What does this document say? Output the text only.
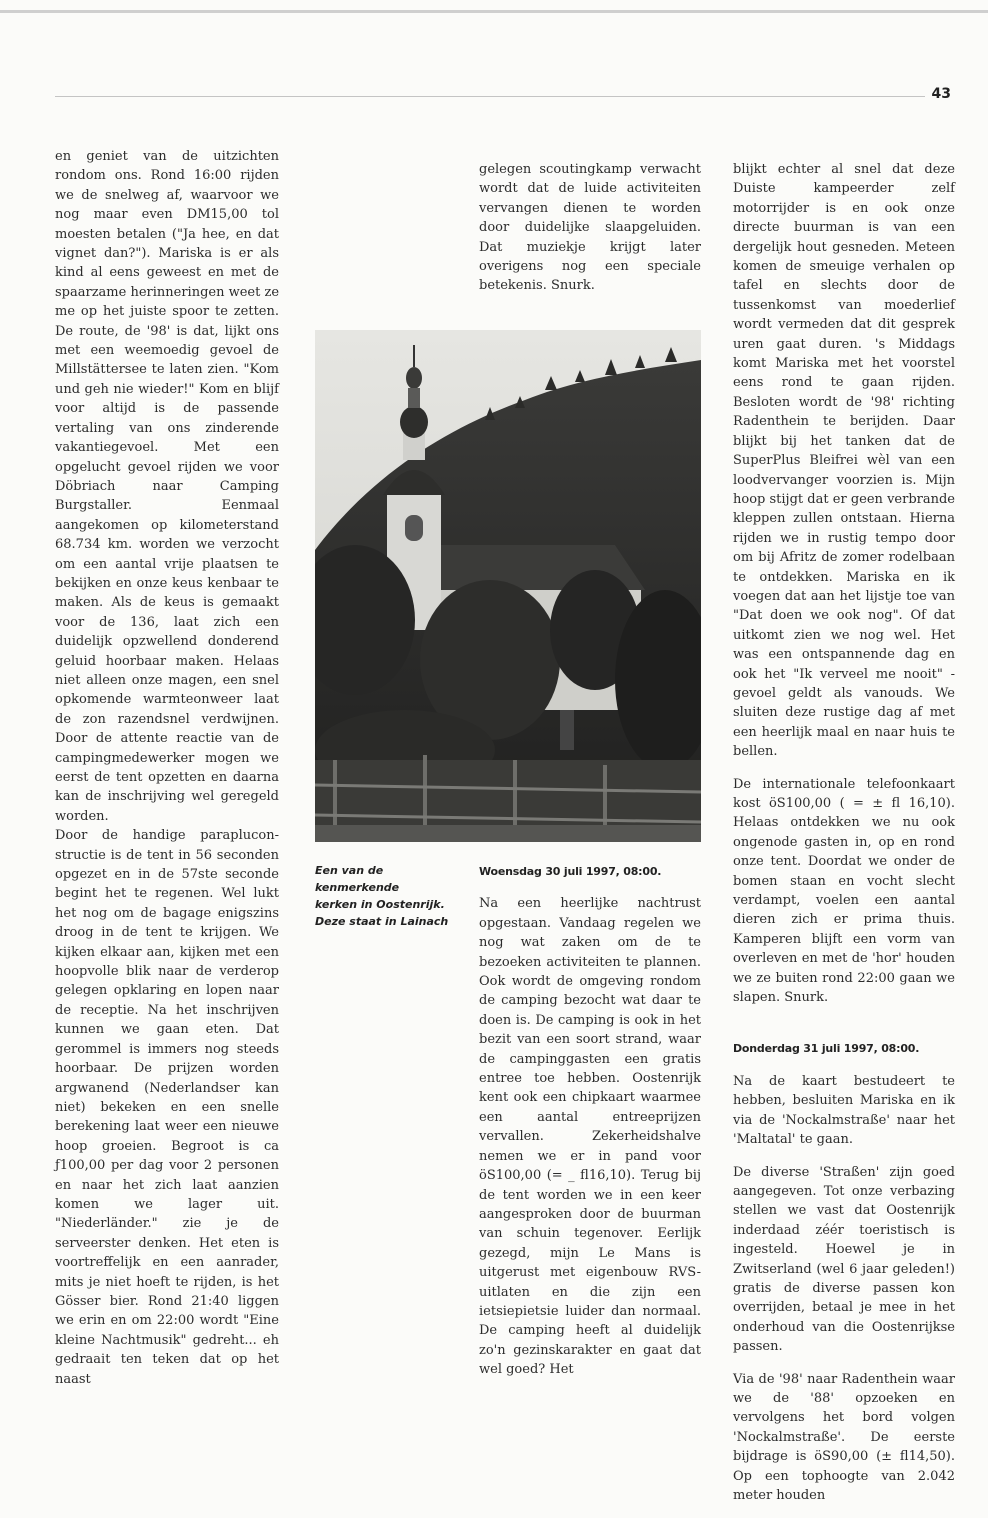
43

en geniet van de uitzichten rondom ons. Rond 16:00 rijden we de snelweg af, waarvoor we nog maar even DM15,00 tol moesten betalen ("Ja hee, en dat vignet dan?"). Mariska is er als kind al eens geweest en met de spaarzame herinneringen weet ze me op het juiste spoor te zetten. De route, de '98' is dat, lijkt ons met een weemoedig gevoel de Millstättersee te laten zien. "Kom und geh nie wieder!" Kom en blijf voor altijd is de passende vertaling van ons zinderende vakantiegevoel. Met een opgelucht gevoel rijden we voor Döbriach naar Camping Burgstaller. Eenmaal aangekomen op kilometerstand 68.734 km. worden we verzocht om een aantal vrije plaatsen te bekijken en onze keus kenbaar te maken. Als de keus is gemaakt voor de 136, laat zich een duidelijk opzwellend donderend geluid hoorbaar maken. Helaas niet alleen onze magen, een snel opkomende warmteonweer laat de zon razendsnel verdwijnen. Door de attente reactie van de campingmedewerker mogen we eerst de tent opzetten en daarna kan de inschrijving wel geregeld worden.

Door de handige parapluconstructie is de tent in 56 seconden opgezet en in de 57ste seconde begint het te regenen. Wel lukt het nog om de bagage enigszins droog in de tent te krijgen. We kijken elkaar aan, kijken met een hoopvolle blik naar de verderop gelegen opklaring en lopen naar de receptie. Na het inschrijven kunnen we gaan eten. Dat gerommel is immers nog steeds hoorbaar. De prijzen worden argwanend (Nederlandser kan niet) bekeken en een snelle berekening laat weer een nieuwe hoop groeien. Begroot is ca ƒ100,00 per dag voor 2 personen en naar het zich laat aanzien komen we lager uit. "Niederländer." zie je de serveerster denken. Het eten is voortreffelijk en een aanrader, mits je niet hoeft te rijden, is het Gösser bier. Rond 21:40 liggen we erin en om 22:00 wordt "Eine kleine Nachtmusik" gedreht... eh gedraait ten teken dat op het naast

gelegen scoutingkamp verwacht wordt dat de luide activiteiten vervangen dienen te worden door duidelijke slaapgeluiden. Dat muziekje krijgt later overigens nog een speciale betekenis. Snurk.

Een van de kenmerkende
kerken in Oostenrijk.
Deze staat in Lainach

Woensdag 30 juli 1997, 08:00.

Na een heerlijke nachtrust opgestaan. Vandaag regelen we nog wat zaken om de te bezoeken activiteiten te plannen. Ook wordt de omgeving rondom de camping bezocht wat daar te doen is. De camping is ook in het bezit van een soort strand, waar de campinggasten een gratis entree toe hebben. Oostenrijk kent ook een chipkaart waarmee een aantal entreeprijzen vervallen. Zekerheidshalve nemen we er in pand voor öS100,00 (= _ fl16,10). Terug bij de tent worden we in een keer aangesproken door de buurman van schuin tegenover. Eerlijk gezegd, mijn Le Mans is uitgerust met eigenbouw RVS-uitlaten en die zijn een ietsiepietsie luider dan normaal. De camping heeft al duidelijk zo'n gezinskarakter en gaat dat wel goed? Het

blijkt echter al snel dat deze Duiste kampeerder zelf motorrijder is en ook onze directe buurman is van een dergelijk hout gesneden. Meteen komen de smeuige verhalen op tafel en slechts door de tussenkomst van moederlief wordt vermeden dat dit gesprek uren gaat duren. 's Middags komt Mariska met het voorstel eens rond te gaan rijden. Besloten wordt de '98' richting Radenthein te berijden. Daar blijkt bij het tanken dat de SuperPlus Bleifrei wèl van een loodvervanger voorzien is. Mijn hoop stijgt dat er geen verbrande kleppen zullen ontstaan. Hierna rijden we in rustig tempo door om bij Afritz de zomer rodelbaan te ontdekken. Mariska en ik voegen dat aan het lijstje toe van "Dat doen we ook nog". Of dat uitkomt zien we nog wel. Het was een ontspannende dag en ook het "Ik verveel me nooit" -gevoel geldt als vanouds. We sluiten deze rustige dag af met een heerlijk maal en naar huis te bellen.

De internationale telefoonkaart kost öS100,00 ( = ± fl 16,10). Helaas ontdekken we nu ook ongenode gasten in, op en rond onze tent. Doordat we onder de bomen staan en vocht slecht verdampt, voelen een aantal dieren zich er prima thuis. Kamperen blijft een vorm van overleven en met de 'hor' houden we ze buiten rond 22:00 gaan we slapen. Snurk.

Donderdag 31 juli 1997, 08:00.

Na de kaart bestudeert te hebben, besluiten Mariska en ik via de 'Nockalmstraße' naar het 'Maltatal' te gaan.

De diverse 'Straßen' zijn goed aangegeven. Tot onze verbazing stellen we vast dat Oostenrijk inderdaad zéér toeristisch is ingesteld. Hoewel je in Zwitserland (wel 6 jaar geleden!) gratis de diverse passen kon overrijden, betaal je mee in het onderhoud van die Oostenrijkse passen.

Via de '98' naar Radenthein waar we de '88' opzoeken en vervolgens het bord volgen 'Nockalmstraße'. De eerste bijdrage is öS90,00 (± fl14,50). Op een tophoogte van 2.042 meter houden
